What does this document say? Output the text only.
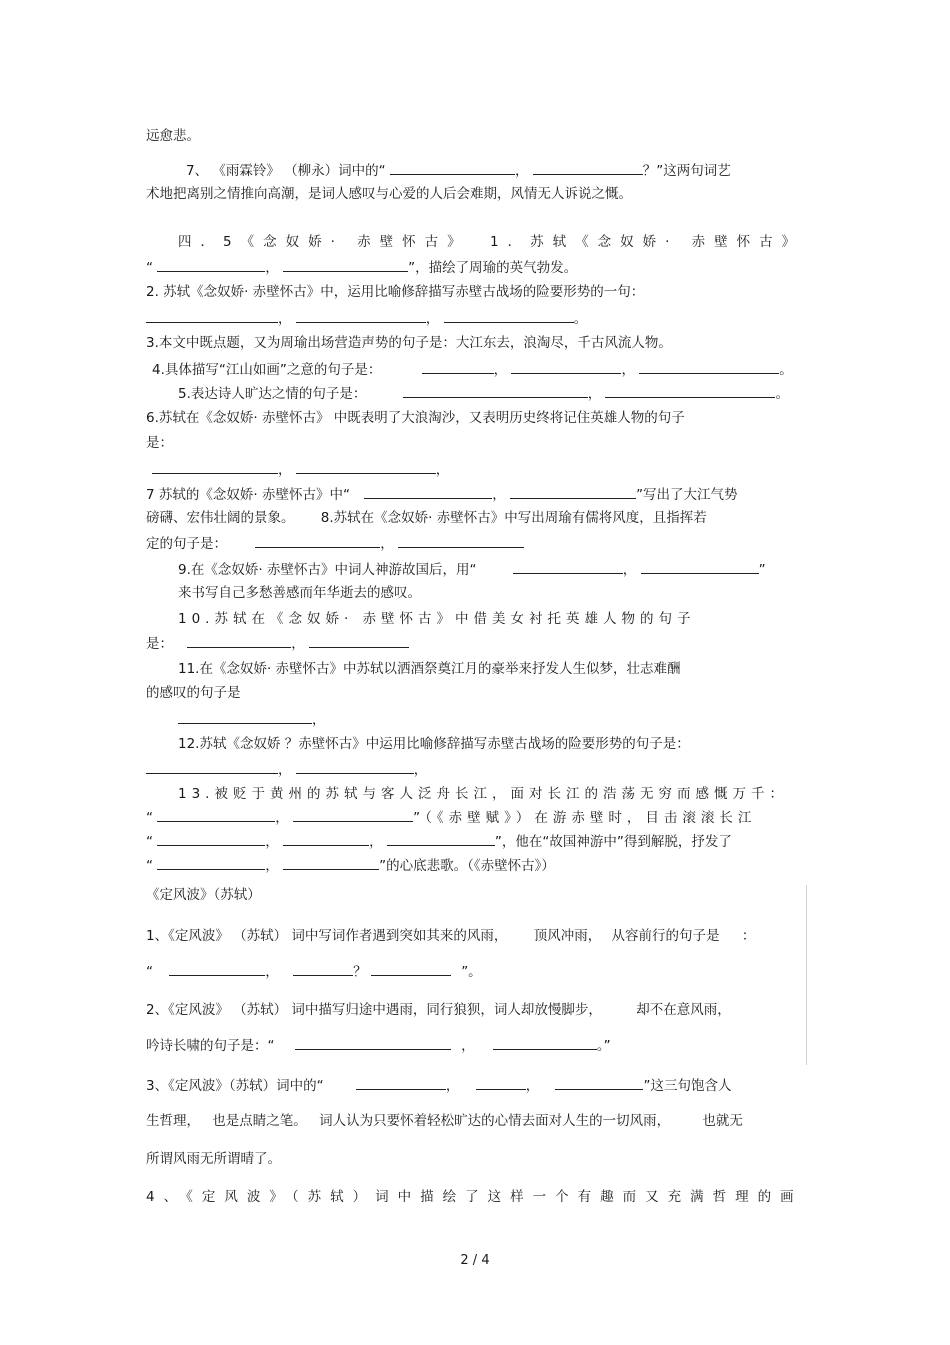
远愈悲。
7、 《雨霖铃》 （柳永）词中的“	，	？”这两句词艺
术地把离别之情推向高潮，是词人感叹与心爱的人后会难期，风情无人诉说之慨。
四．5《念奴娇· 赤壁怀古》 1．苏轼《念奴娇· 赤壁怀古》
“	，	”，描绘了周瑜的英气勃发。
2. 苏轼《念奴娇· 赤壁怀古》中，运用比喻修辞描写赤壁古战场的险要形势的一句：
，	，	。
3.本文中既点题，又为周瑜出场营造声势的句子是：大江东去，浪淘尽，千古风流人物。
4.具体描写“江山如画”之意的句子是：	，	，	。
5.表达诗人旷达之情的句子是：	，	。
6.苏轼在《念奴娇· 赤壁怀古》 中既表明了大浪淘沙，又表明历史终将记住英雄人物的句子
是：
，	，
7 苏轼的《念奴娇· 赤壁怀古》中“	，	”写出了大江气势
磅礴、宏伟壮阔的景象。 8.苏轼在《念奴娇· 赤壁怀古》中写出周瑜有儒将风度，且指挥若
定的句子是：	，
9.在《念奴娇· 赤壁怀古》中词人神游故国后，用“	，	”
来书写自己多愁善感而年华逝去的感叹。
10.苏轼在《念奴娇· 赤壁怀古》中借美女衬托英雄人物的句子
是：	，
11.在《念奴娇· 赤壁怀古》中苏轼以洒酒祭奠江月的豪举来抒发人生似梦，壮志难酬
的感叹的句子是
，
12.苏轼《念奴娇 ？赤壁怀古》中运用比喻修辞描写赤壁古战场的险要形势的句子是：
，	，
13.被贬于黄州的苏轼与客人泛舟长江，面对长江的浩荡无穷而感慨万千：
“	，	”（《赤壁赋》）在游赤壁时，目击滚滚长江
“	，	，	”，他在“故国神游中”得到解脱，抒发了
“	，	”的心底悲歌。（《赤壁怀古》）
《定风波》（苏轼）
1、《定风波》 （苏轼） 词中写词作者遇到突如其来的风雨， 顶风冲雨， 从容前行的句子是 ：
“	，	？	”。
2、《定风波》 （苏轼） 词中描写归途中遇雨，同行狼狈，词人却放慢脚步，	却不在意风雨，
吟诗长啸的句子是：“	，	。”
3、《定风波》（苏轼）词中的“	，	，	”这三句饱含人
生哲理， 也是点睛之笔。 词人认为只要怀着轻松旷达的心情去面对人生的一切风雨， 也就无
所谓风雨无所谓晴了。
4、《定风波》（苏轼）词中描绘了这样一个有趣而又充满哲理的画
2 / 4
